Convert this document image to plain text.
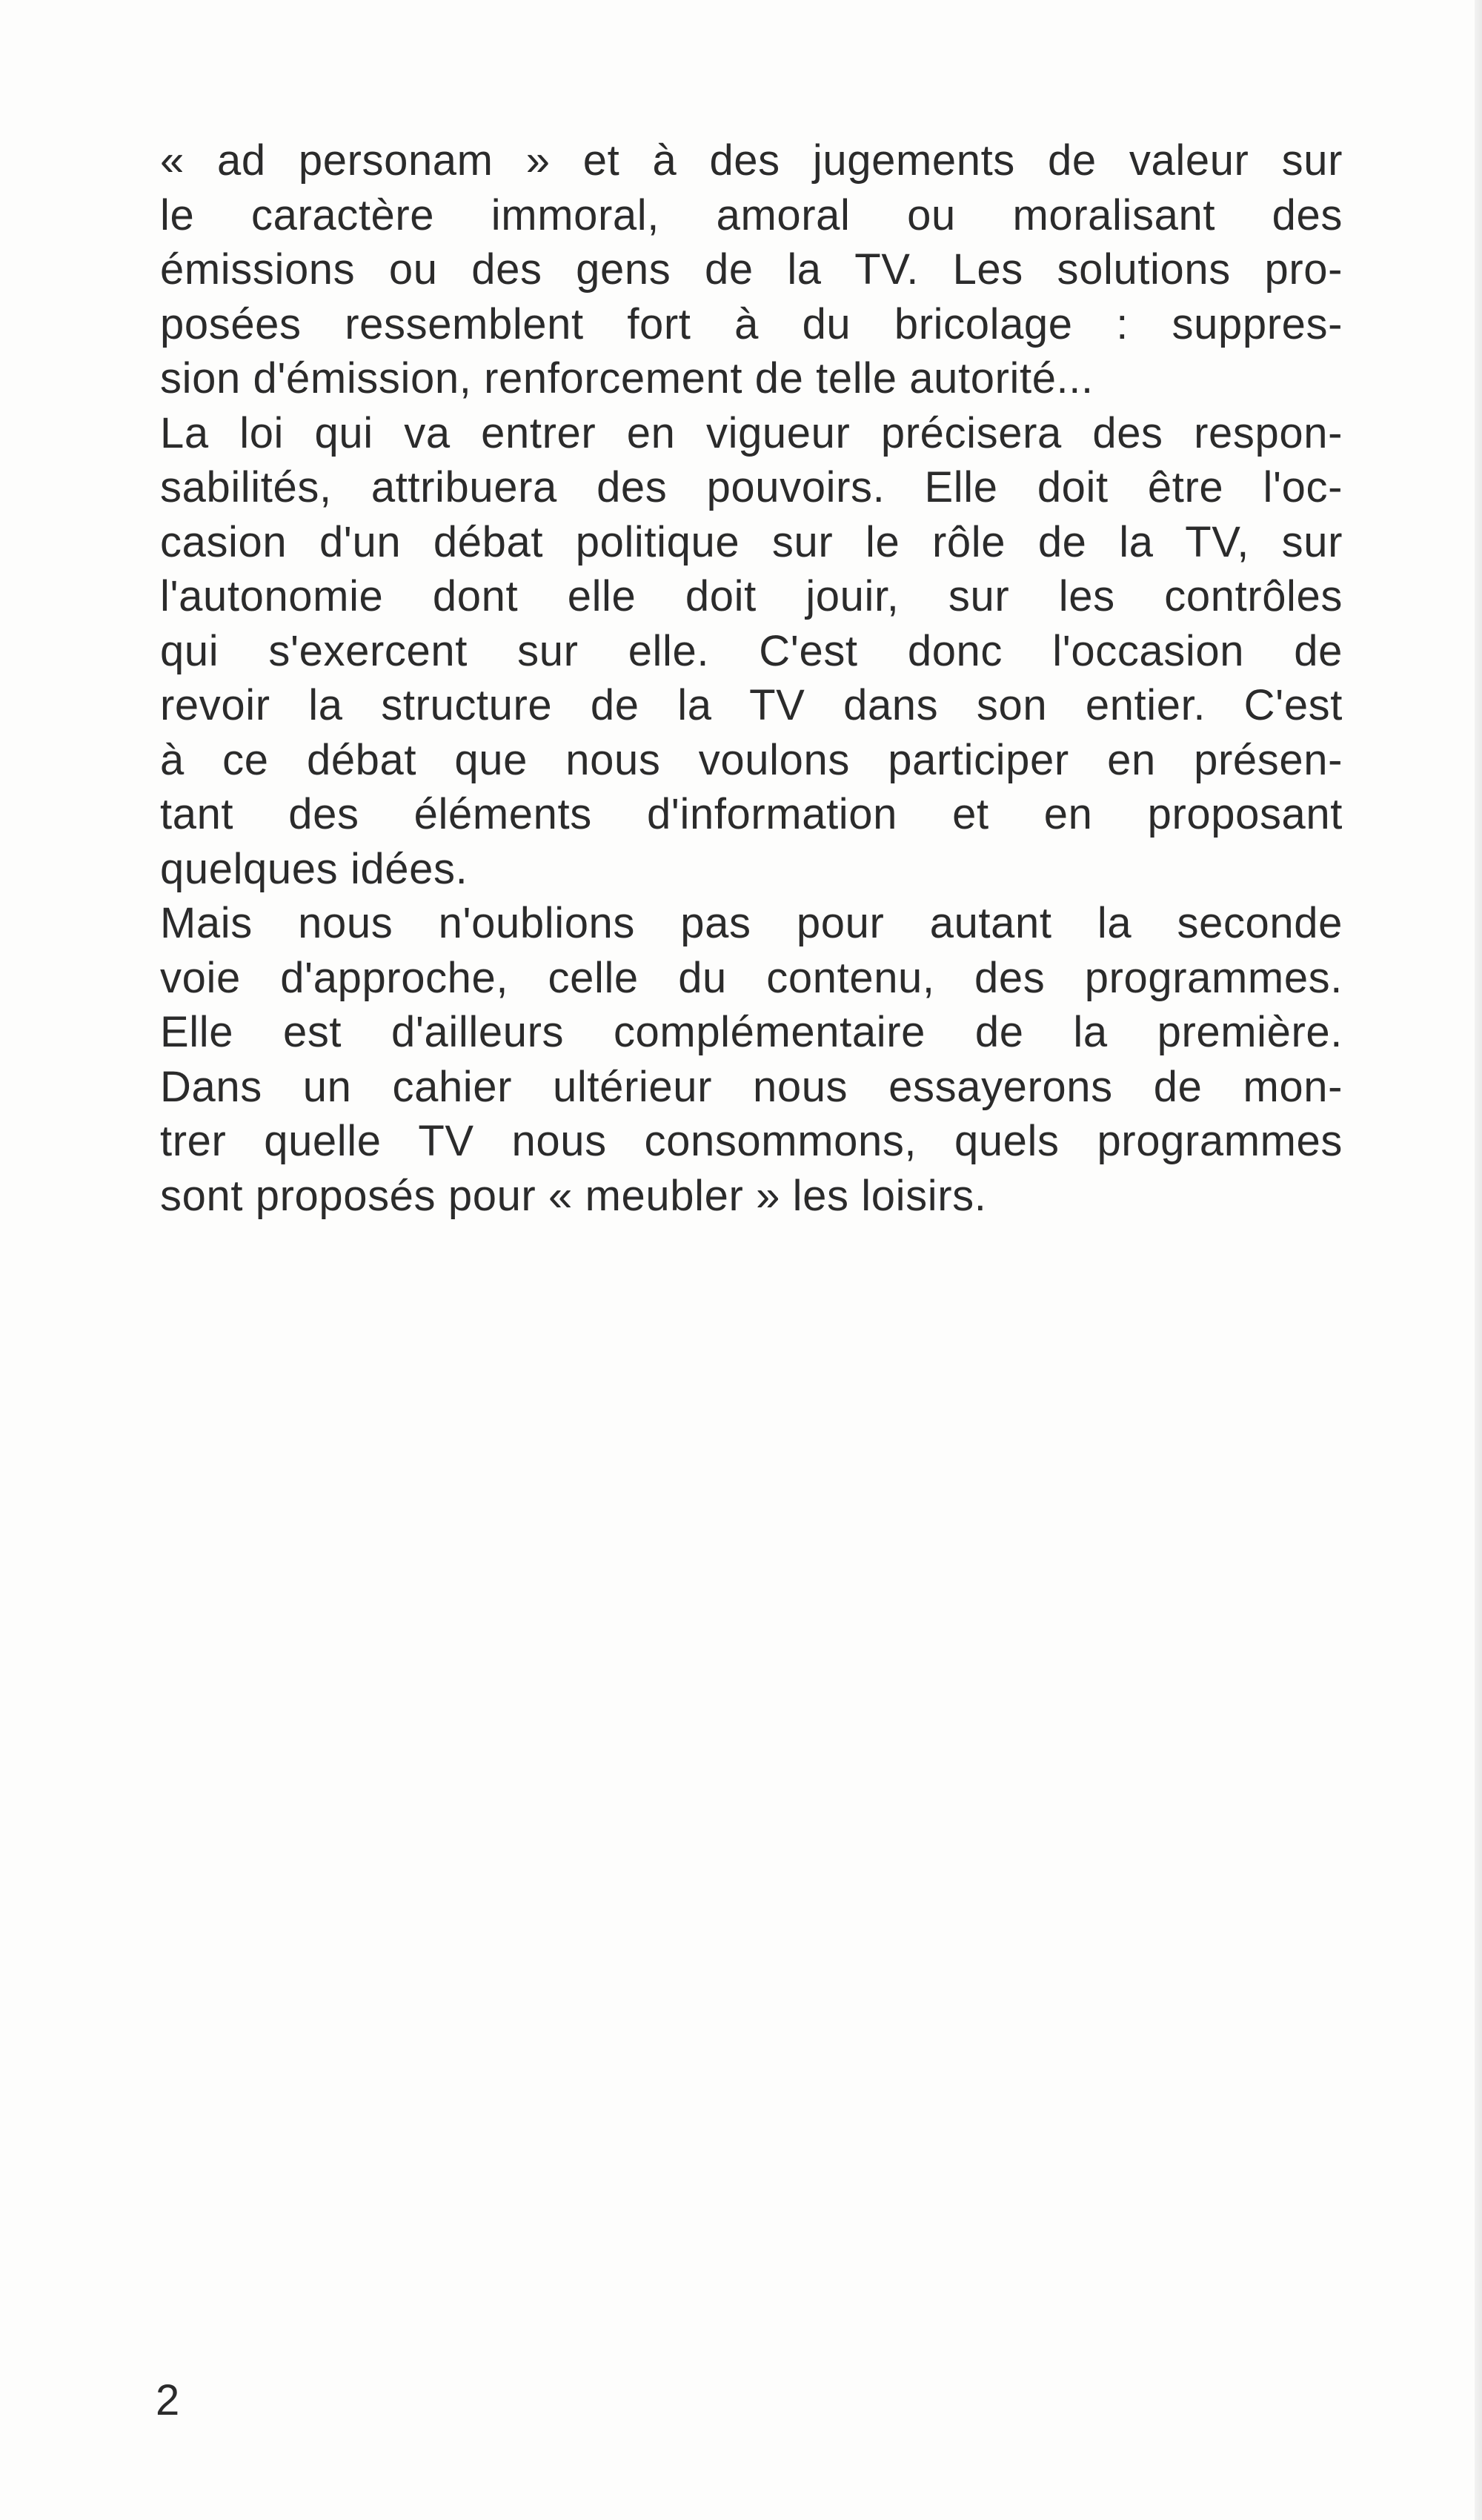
« ad personam » et à des jugements de valeur sur
le caractère immoral, amoral ou moralisant des
émissions ou des gens de la TV. Les solutions pro-
posées ressemblent fort à du bricolage : suppres-
sion d'émission, renforcement de telle autorité...
La loi qui va entrer en vigueur précisera des respon-
sabilités, attribuera des pouvoirs. Elle doit être l'oc-
casion d'un débat politique sur le rôle de la TV, sur
l'autonomie dont elle doit jouir, sur les contrôles
qui s'exercent sur elle. C'est donc l'occasion de
revoir la structure de la TV dans son entier. C'est
à ce débat que nous voulons participer en présen-
tant des éléments d'information et en proposant
quelques idées.
Mais nous n'oublions pas pour autant la seconde
voie d'approche, celle du contenu, des programmes.
Elle est d'ailleurs complémentaire de la première.
Dans un cahier ultérieur nous essayerons de mon-
trer quelle TV nous consommons, quels programmes
sont proposés pour « meubler » les loisirs.
2
